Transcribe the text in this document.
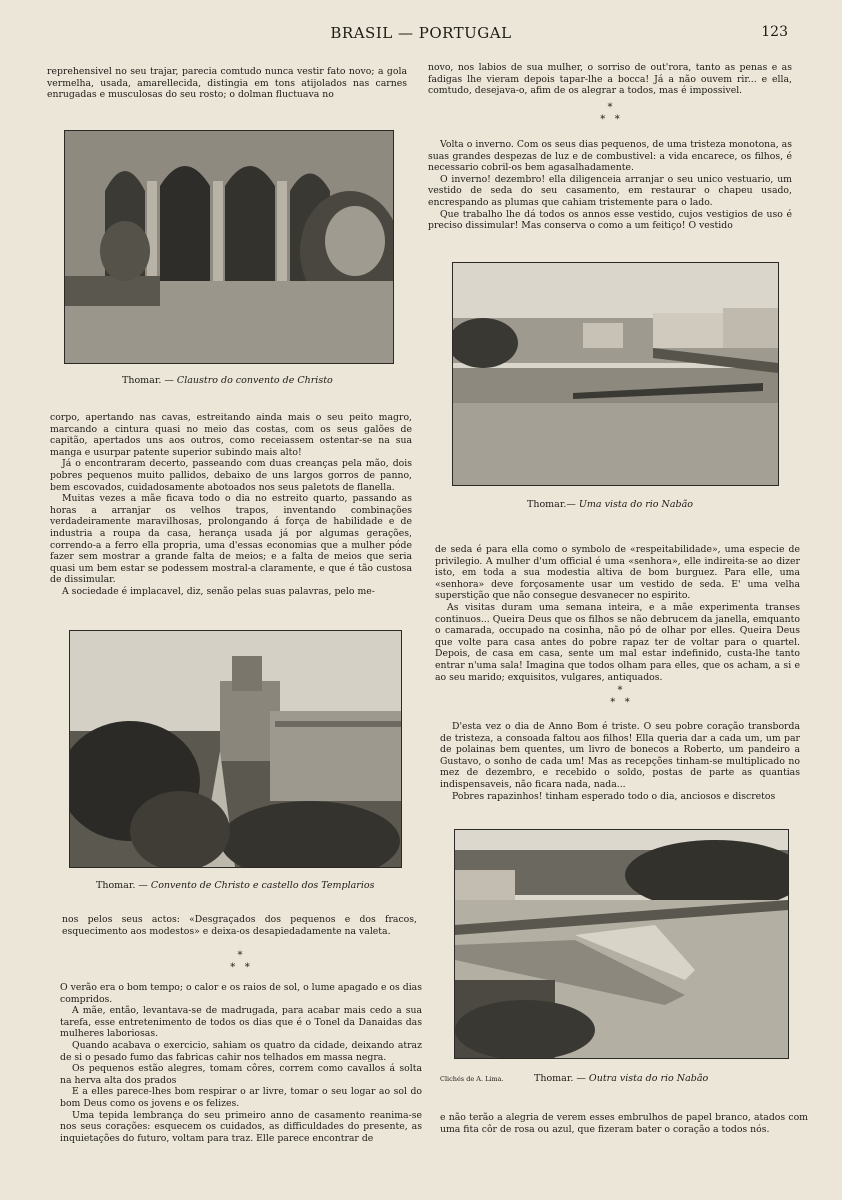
BRASIL — PORTUGAL	123

reprehensivel no seu trajar, parecia comtudo nunca vestir fato novo; a gola vermelha, usada, amarellecida, distingia em tons atijolados nas carnes enrugadas e musculosas do seu rosto; o dolman fluctuava no

Thomar. — Claustro do convento de Christo

corpo, apertando nas cavas, estreitando ainda mais o seu peito magro, marcando a cintura quasi no meio das costas, com os seus galões de capitão, apertados uns aos outros, como receiassem ostentar-se na sua manga e usurpar patente superior subindo mais alto!

Já o encontraram decerto, passeando com duas creanças pela mão, dois pobres pequenos muito pallidos, debaixo de uns largos gorros de panno, bem escovados, cuidadosamente abotoados nos seus paletots de flanella.

Muitas vezes a mãe ficava todo o dia no estreito quarto, passando as horas a arranjar os velhos trapos, inventando combinações verdadeiramente maravilhosas, prolongando á força de habilidade e de industria a roupa da casa, herança usada já por algumas gerações, correndo-a a ferro ella propria, uma d'essas economias que a mulher póde fazer sem mostrar a grande falta de meios; e a falta de meios que seria quasi um bem estar se podessem mostral-a claramente, e que é tão custosa de dissimular.

A sociedade é implacavel, diz, senão pelas suas palavras, pelo me-

Thomar. — Convento de Christo e castello dos Templarios

nos pelos seus actos: «Desgraçados dos pequenos e dos fracos, esquecimento aos modestos» e deixa-os desapiedadamente na valeta.

*
*   *

O verão era o bom tempo; o calor e os raios de sol, o lume apagado e os dias compridos.

A mãe, então, levantava-se de madrugada, para acabar mais cedo a sua tarefa, esse entretenimento de todos os dias que é o Tonel da Danaidas das mulheres laboriosas.

Quando acabava o exercicio, sahiam os quatro da cidade, deixando atraz de si o pesado fumo das fabricas cahir nos telhados em massa negra.

Os pequenos estão alegres, tomam côres, correm como cavallos á solta na herva alta dos prados

E a elles parece-lhes bom respirar o ar livre, tomar o seu logar ao sol do bom Deus como os jovens e os felizes.

Uma tepida lembrança do seu primeiro anno de casamento reanima-se nos seus corações: esquecem os cuidados, as difficuldades do presente, as inquietações do futuro, voltam para traz. Elle parece encontrar de

novo, nos labios de sua mulher, o sorriso de out'rora, tanto as penas e as fadigas lhe vieram depois tapar-lhe a bocca! Já a não ouvem rir... e ella, comtudo, desejava-o, afim de os alegrar a todos, mas é impossivel.

*
*   *

Volta o inverno. Com os seus dias pequenos, de uma tristeza monotona, as suas grandes despezas de luz e de combustivel: a vida encarece, os filhos, é necessario cobril-os bem agasalhadamente.

O inverno! dezembro! ella diligenceia arranjar o seu unico vestuario, um vestido de seda do seu casamento, em restaurar o chapeu usado, encrespando as plumas que cahiam tristemente para o lado.

Que trabalho lhe dá todos os annos esse vestido, cujos vestigios de uso é preciso dissimular! Mas conserva o como a um feitiço! O vestido

Thomar.— Uma vista do rio Nabão

de seda é para ella como o symbolo de «respeitabilidade», uma especie de privilegio. A mulher d'um official é uma «senhora», elle indireita-se ao dizer isto, em toda a sua modestia altiva de bom burguez. Para elle, uma «senhora» deve forçosamente usar um vestido de seda. E' uma velha superstição que não consegue desvanecer no espirito.

As visitas duram uma semana inteira, e a mãe experimenta transes continuos... Queira Deus que os filhos se não debrucem da janella, emquanto o camarada, occupado na cosinha, não pó de olhar por elles. Queira Deus que volte para casa antes do pobre rapaz ter de voltar para o quartel. Depois, de casa em casa, sente um mal estar indefinido, custa-lhe tanto entrar n'uma sala! Imagina que todos olham para elles, que os acham, a si e ao seu marido; exquisitos, vulgares, antiquados.

*
*   *

D'esta vez o dia de Anno Bom é triste. O seu pobre coração transborda de tristeza, a consoada faltou aos filhos! Ella queria dar a cada um, um par de polainas bem quentes, um livro de bonecos a Roberto, um pandeiro a Gustavo, o sonho de cada um! Mas as recepções tinham-se multiplicado no mez de dezembro, e recebido o soldo, postas de parte as quantias indispensaveis, não ficara nada, nada...

Pobres rapazinhos! tinham esperado todo o dia, anciosos e discretos

Clichés de A. Lima.	Thomar. — Outra vista do rio Nabão

e não terão a alegria de verem esses embrulhos de papel branco, atados com uma fita côr de rosa ou azul, que fizeram bater o coração a todos nós.
